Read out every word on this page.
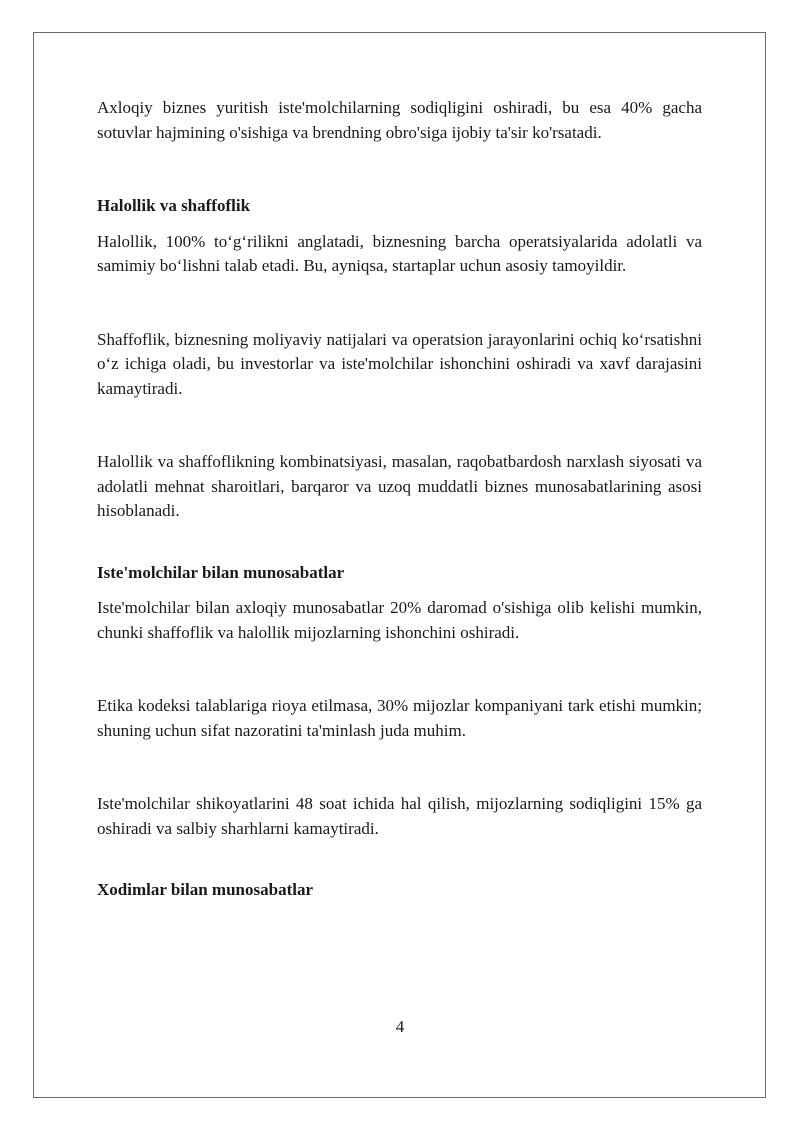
Axloqiy biznes yuritish iste'molchilarning sodiqligini oshiradi, bu esa 40% gacha sotuvlar hajmining o'sishiga va brendning obro'siga ijobiy ta'sir ko'rsatadi.

Halollik va shaffoflik

Halollik, 100% to‘g‘rilikni anglatadi, biznesning barcha operatsiyalarida adolatli va samimiy bo‘lishni talab etadi. Bu, ayniqsa, startaplar uchun asosiy tamoyildir.

Shaffoflik, biznesning moliyaviy natijalari va operatsion jarayonlarini ochiq ko‘rsatishni o‘z ichiga oladi, bu investorlar va iste'molchilar ishonchini oshiradi va xavf darajasini kamaytiradi.

Halollik va shaffoflikning kombinatsiyasi, masalan, raqobatbardosh narxlash siyosati va adolatli mehnat sharoitlari, barqaror va uzoq muddatli biznes munosabatlarining asosi hisoblanadi.

Iste'molchilar bilan munosabatlar

Iste'molchilar bilan axloqiy munosabatlar 20% daromad o'sishiga olib kelishi mumkin, chunki shaffoflik va halollik mijozlarning ishonchini oshiradi.

Etika kodeksi talablariga rioya etilmasa, 30% mijozlar kompaniyani tark etishi mumkin; shuning uchun sifat nazoratini ta'minlash juda muhim.

Iste'molchilar shikoyatlarini 48 soat ichida hal qilish, mijozlarning sodiqligini 15% ga oshiradi va salbiy sharhlarni kamaytiradi.

Xodimlar bilan munosabatlar
4
